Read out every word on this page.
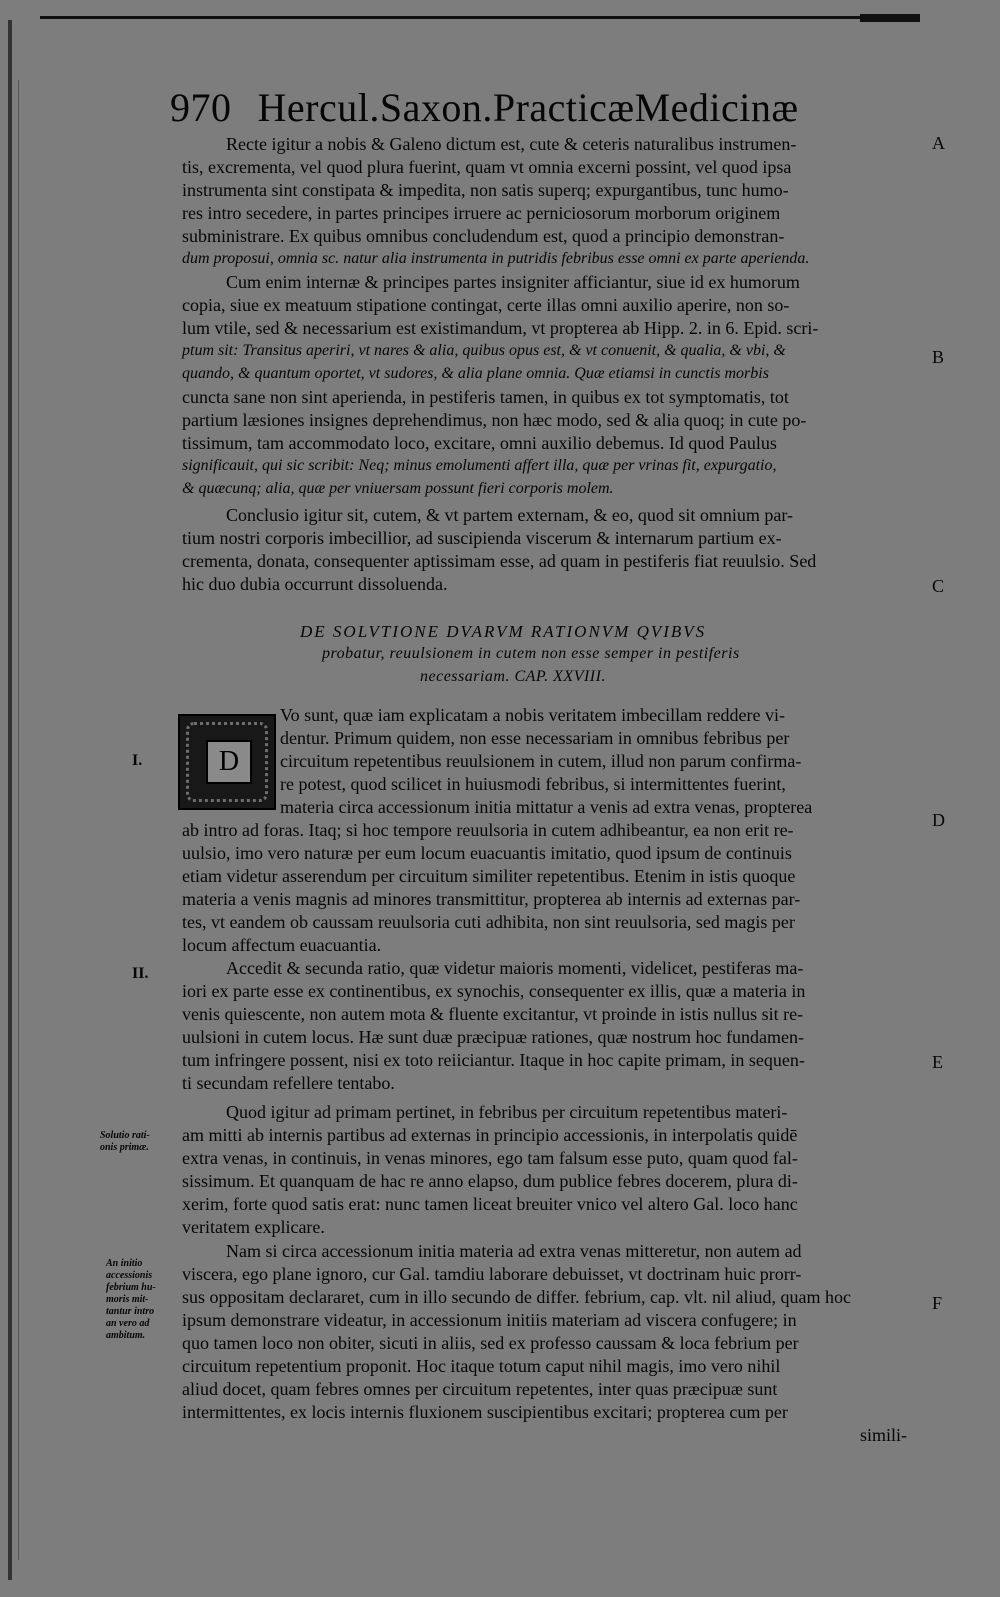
970 Hercul.Saxon.PracticæMedicinæ
Recte igitur a nobis & Galeno dictum est, cute & ceteris naturalibus instrumen-
tis, excrementa, vel quod plura fuerint, quam vt omnia excerni possint, vel quod ipsa
instrumenta sint constipata & impedita, non satis superq; expurgantibus, tunc humo-
res intro secedere, in partes principes irruere ac perniciosorum morborum originem
subministrare. Ex quibus omnibus concludendum est, quod a principio demonstran-
dum proposui, omnia sc. natur alia instrumenta in putridis febribus esse omni ex parte aperienda.
Cum enim internæ & principes partes insigniter afficiantur, siue id ex humorum
copia, siue ex meatuum stipatione contingat, certe illas omni auxilio aperire, non so-
lum vtile, sed & necessarium est existimandum, vt propterea ab Hipp. 2. in 6. Epid. scri-
ptum sit: Transitus aperiri, vt nares & alia, quibus opus est, & vt conuenit, & qualia, & vbi, &
quando, & quantum oportet, vt sudores, & alia plane omnia. Quæ etiamsi in cunctis morbis
cuncta sane non sint aperienda, in pestiferis tamen, in quibus ex tot symptomatis, tot
partium læsiones insignes deprehendimus, non hæc modo, sed & alia quoq; in cute po-
tissimum, tam accommodato loco, excitare, omni auxilio debemus. Id quod Paulus
significauit, qui sic scribit: Neq; minus emolumenti affert illa, quæ per vrinas fit, expurgatio,
& quæcunq; alia, quæ per vniuersam possunt fieri corporis molem.
Conclusio igitur sit, cutem, & vt partem externam, & eo, quod sit omnium par-
tium nostri corporis imbecillior, ad suscipienda viscerum & internarum partium ex-
crementa, donata, consequenter aptissimam esse, ad quam in pestiferis fiat reuulsio. Sed
hic duo dubia occurrunt dissoluenda.
DE SOLVTIONE DVARVM RATIONVM QVIBVS
probatur, reuulsionem in cutem non esse semper in pestiferis
necessariam. CAP. XXVIII.
D
Vo sunt, quæ iam explicatam a nobis veritatem imbecillam reddere vi-
dentur. Primum quidem, non esse necessariam in omnibus febribus per
circuitum repetentibus reuulsionem in cutem, illud non parum confirma-
re potest, quod scilicet in huiusmodi febribus, si intermittentes fuerint,
materia circa accessionum initia mittatur a venis ad extra venas, propterea
ab intro ad foras. Itaq; si hoc tempore reuulsoria in cutem adhibeantur, ea non erit re-
uulsio, imo vero naturæ per eum locum euacuantis imitatio, quod ipsum de continuis
etiam videtur asserendum per circuitum similiter repetentibus. Etenim in istis quoque
materia a venis magnis ad minores transmittitur, propterea ab internis ad externas par-
tes, vt eandem ob caussam reuulsoria cuti adhibita, non sint reuulsoria, sed magis per
locum affectum euacuantia.
Accedit & secunda ratio, quæ videtur maioris momenti, videlicet, pestiferas ma-
iori ex parte esse ex continentibus, ex synochis, consequenter ex illis, quæ a materia in
venis quiescente, non autem mota & fluente excitantur, vt proinde in istis nullus sit re-
uulsioni in cutem locus. Hæ sunt duæ præcipuæ rationes, quæ nostrum hoc fundamen-
tum infringere possent, nisi ex toto reiiciantur. Itaque in hoc capite primam, in sequen-
ti secundam refellere tentabo.
Quod igitur ad primam pertinet, in febribus per circuitum repetentibus materi-
am mitti ab internis partibus ad externas in principio accessionis, in interpolatis quidē
extra venas, in continuis, in venas minores, ego tam falsum esse puto, quam quod fal-
sissimum. Et quanquam de hac re anno elapso, dum publice febres docerem, plura di-
xerim, forte quod satis erat: nunc tamen liceat breuiter vnico vel altero Gal. loco hanc
veritatem explicare.
Nam si circa accessionum initia materia ad extra venas mitteretur, non autem ad
viscera, ego plane ignoro, cur Gal. tamdiu laborare debuisset, vt doctrinam huic prorr-
sus oppositam declararet, cum in illo secundo de differ. febrium, cap. vlt. nil aliud, quam hoc
ipsum demonstrare videatur, in accessionum initiis materiam ad viscera confugere; in
quo tamen loco non obiter, sicuti in aliis, sed ex professo caussam & loca febrium per
circuitum repetentium proponit. Hoc itaque totum caput nihil magis, imo vero nihil
aliud docet, quam febres omnes per circuitum repetentes, inter quas præcipuæ sunt
intermittentes, ex locis internis fluxionem suscipientibus excitari; propterea cum per
simili-
A
B
C
D
E
F
I.
II.
Solutio rati-
onis primæ.
An initio
accessionis
febrium hu-
moris mit-
tantur intro
an vero ad
ambitum.
